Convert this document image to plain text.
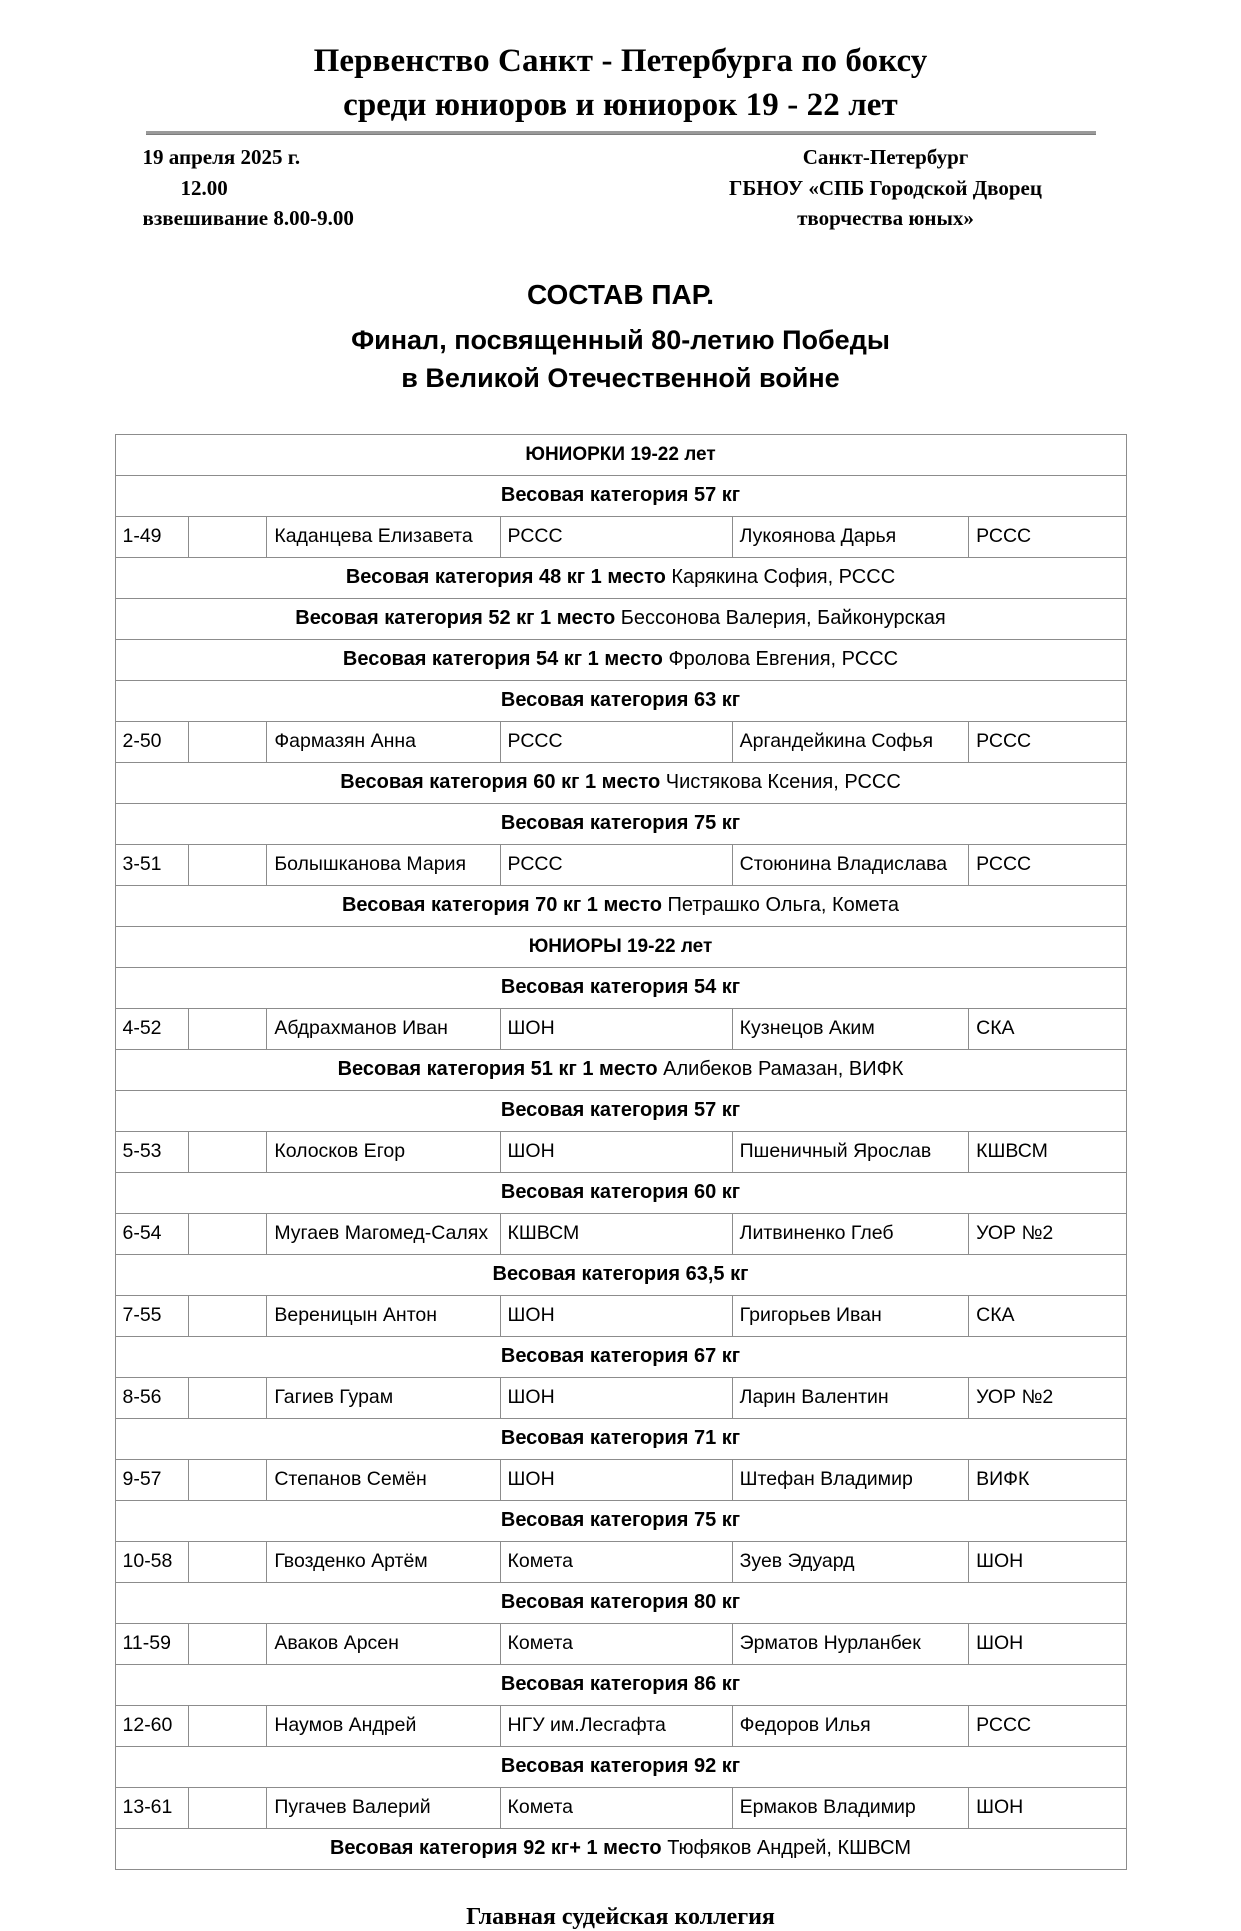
Первенство Санкт - Петербурга по боксу
среди юниоров и юниорок 19 - 22 лет
19 апреля 2025 г.
12.00
взвешивание 8.00-9.00
Санкт-Петербург
ГБНОУ «СПБ Городской Дворец
творчества юных»
СОСТАВ ПАР.
Финал, посвященный 80-летию Победы
в Великой Отечественной войне
ЮНИОРКИ 19-22 лет					
Весовая категория 57 кг					
1-49		Каданцева Елизавета	РССС	Лукоянова Дарья	РССС
Весовая категория 48 кг 1 место Карякина София, РССС					
Весовая категория 52 кг 1 место Бессонова Валерия, Байконурская					
Весовая категория 54 кг 1 место Фролова Евгения, РССС					
Весовая категория 63 кг					
2-50		Фармазян Анна	РССС	Аргандейкина Софья	РССС
Весовая категория 60 кг 1 место Чистякова Ксения, РССС					
Весовая категория 75 кг					
3-51		Болышканова Мария	РССС	Стоюнина Владислава	РССС
Весовая категория 70 кг 1 место Петрашко Ольга, Комета					
ЮНИОРЫ 19-22 лет					
Весовая категория 54 кг					
4-52		Абдрахманов Иван	ШОН	Кузнецов Аким	СКА
Весовая категория 51 кг 1 место Алибеков Рамазан, ВИФК					
Весовая категория 57 кг					
5-53		Колосков Егор	ШОН	Пшеничный Ярослав	КШВСМ
Весовая категория 60 кг					
6-54		Мугаев Магомед-Салях	КШВСМ	Литвиненко Глеб	УОР №2
Весовая категория 63,5 кг					
7-55		Вереницын Антон	ШОН	Григорьев Иван	СКА
Весовая категория 67 кг					
8-56		Гагиев Гурам	ШОН	Ларин Валентин	УОР №2
Весовая категория 71 кг					
9-57		Степанов Семён	ШОН	Штефан Владимир	ВИФК
Весовая категория 75 кг					
10-58		Гвозденко Артём	Комета	Зуев Эдуард	ШОН
Весовая категория 80 кг					
11-59		Аваков Арсен	Комета	Эрматов Нурланбек	ШОН
Весовая категория 86 кг					
12-60		Наумов Андрей	НГУ им.Лесгафта	Федоров Илья	РССС
Весовая категория 92 кг					
13-61		Пугачев Валерий	Комета	Ермаков Владимир	ШОН
Весовая категория 92 кг+ 1 место Тюфяков Андрей, КШВСМ					
Главная судейская коллегия
